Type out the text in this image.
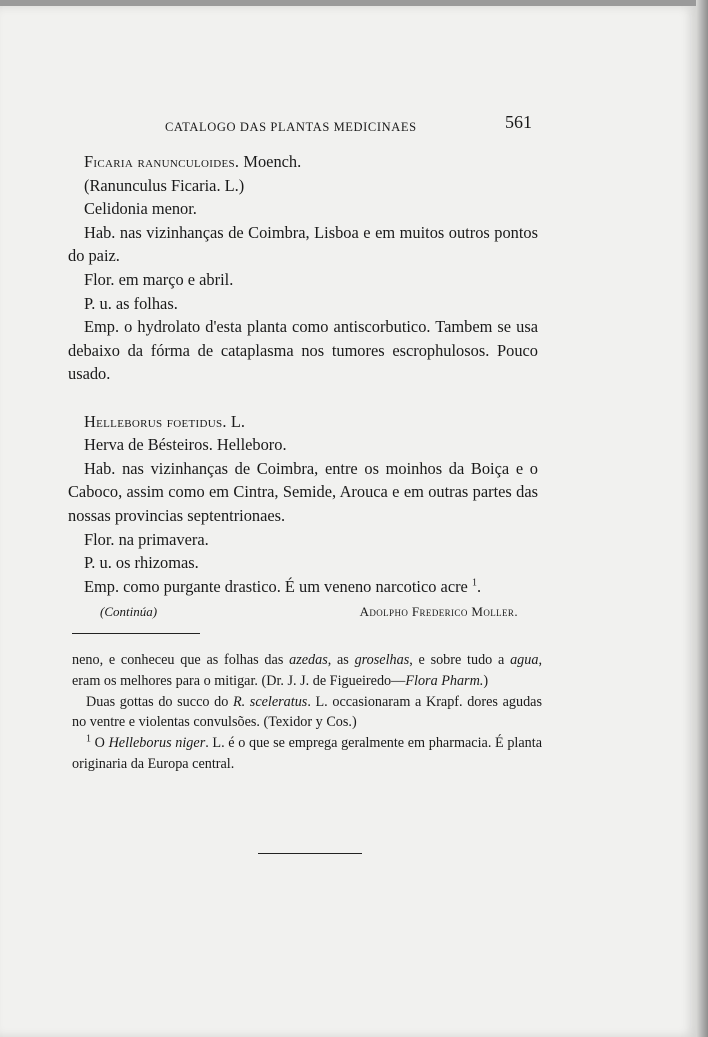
CATALOGO DAS PLANTAS MEDICINAES	561

Ficaria ranunculoides. Moench.

(Ranunculus Ficaria. L.)

Celidonia menor.

Hab. nas vizinhanças de Coimbra, Lisboa e em muitos outros pontos do paiz.

Flor. em março e abril.

P. u. as folhas.

Emp. o hydrolato d'esta planta como antiscorbutico. Tambem se usa debaixo da fórma de cataplasma nos tumores escrophulosos. Pouco usado.

Helleborus foetidus. L.

Herva de Bésteiros. Helleboro.

Hab. nas vizinhanças de Coimbra, entre os moinhos da Boiça e o Caboco, assim como em Cintra, Semide, Arouca e em outras partes das nossas provincias septentrionaes.

Flor. na primavera.

P. u. os rhizomas.

Emp. como purgante drastico. É um veneno narcotico acre $^1$.

(Continúa)	Adolpho Frederico Moller.

neno, e conheceu que as folhas das azedas, as groselhas, e sobre tudo a agua, eram os melhores para o mitigar. (Dr. J. J. de Figueiredo—Flora Pharm.)

Duas gottas do succo do R. sceleratus. L. occasionaram a Krapf. dores agudas no ventre e violentas convulsões. (Texidor y Cos.)

$^1$ O Helleborus niger. L. é o que se emprega geralmente em pharmacia. É planta originaria da Europa central.
